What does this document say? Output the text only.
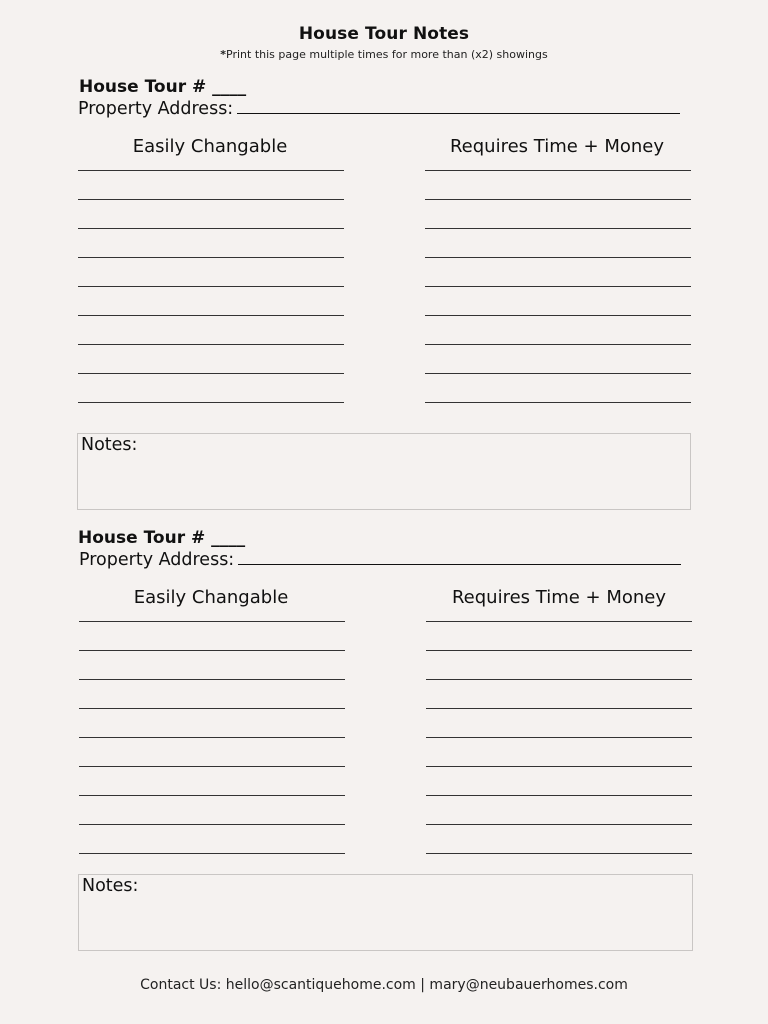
House Tour Notes
*Print this page multiple times for more than (x2) showings
House Tour # ____
Property Address:
Easily Changable	Requires Time + Money
Notes:
House Tour # ____
Property Address:
Easily Changable	Requires Time + Money
Notes:
Contact Us: hello@scantiquehome.com | mary@neubauerhomes.com
